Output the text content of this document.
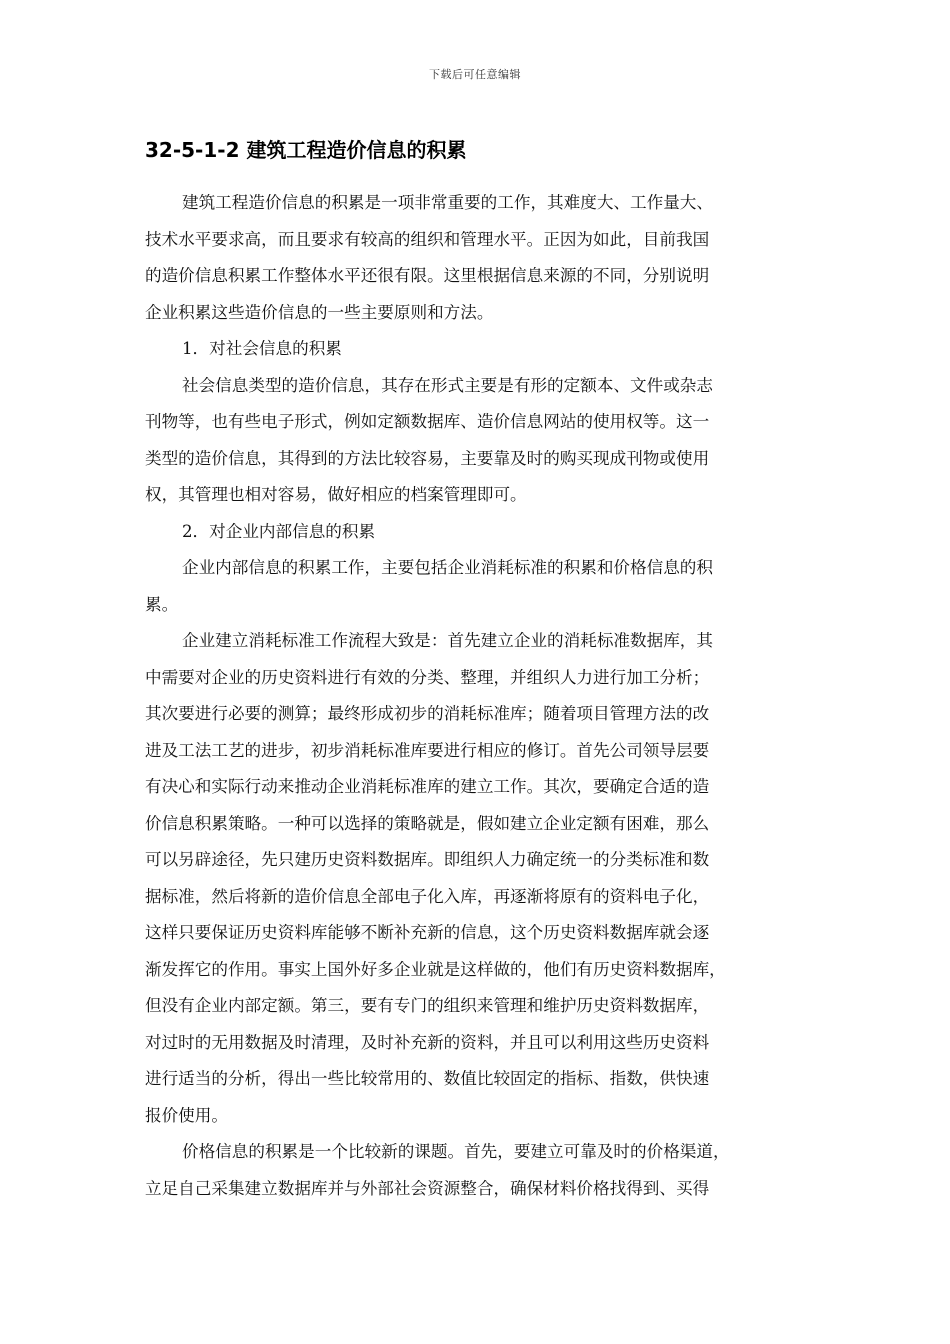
下载后可任意编辑
32-5-1-2 建筑工程造价信息的积累
建筑工程造价信息的积累是一项非常重要的工作，其难度大、工作量大、
技术水平要求高，而且要求有较高的组织和管理水平。正因为如此，目前我国
的造价信息积累工作整体水平还很有限。这里根据信息来源的不同，分别说明
企业积累这些造价信息的一些主要原则和方法。
1．对社会信息的积累
社会信息类型的造价信息，其存在形式主要是有形的定额本、文件或杂志
刊物等，也有些电子形式，例如定额数据库、造价信息网站的使用权等。这一
类型的造价信息，其得到的方法比较容易，主要靠及时的购买现成刊物或使用
权，其管理也相对容易，做好相应的档案管理即可。
2．对企业内部信息的积累
企业内部信息的积累工作，主要包括企业消耗标准的积累和价格信息的积
累。
企业建立消耗标准工作流程大致是：首先建立企业的消耗标准数据库，其
中需要对企业的历史资料进行有效的分类、整理，并组织人力进行加工分析；
其次要进行必要的测算；最终形成初步的消耗标准库；随着项目管理方法的改
进及工法工艺的进步，初步消耗标准库要进行相应的修订。首先公司领导层要
有决心和实际行动来推动企业消耗标准库的建立工作。其次，要确定合适的造
价信息积累策略。一种可以选择的策略就是，假如建立企业定额有困难，那么
可以另辟途径，先只建历史资料数据库。即组织人力确定统一的分类标准和数
据标准，然后将新的造价信息全部电子化入库，再逐渐将原有的资料电子化，
这样只要保证历史资料库能够不断补充新的信息，这个历史资料数据库就会逐
渐发挥它的作用。事实上国外好多企业就是这样做的，他们有历史资料数据库，
但没有企业内部定额。第三，要有专门的组织来管理和维护历史资料数据库，
对过时的无用数据及时清理，及时补充新的资料，并且可以利用这些历史资料
进行适当的分析，得出一些比较常用的、数值比较固定的指标、指数，供快速
报价使用。
价格信息的积累是一个比较新的课题。首先，要建立可靠及时的价格渠道，
立足自己采集建立数据库并与外部社会资源整合，确保材料价格找得到、买得
